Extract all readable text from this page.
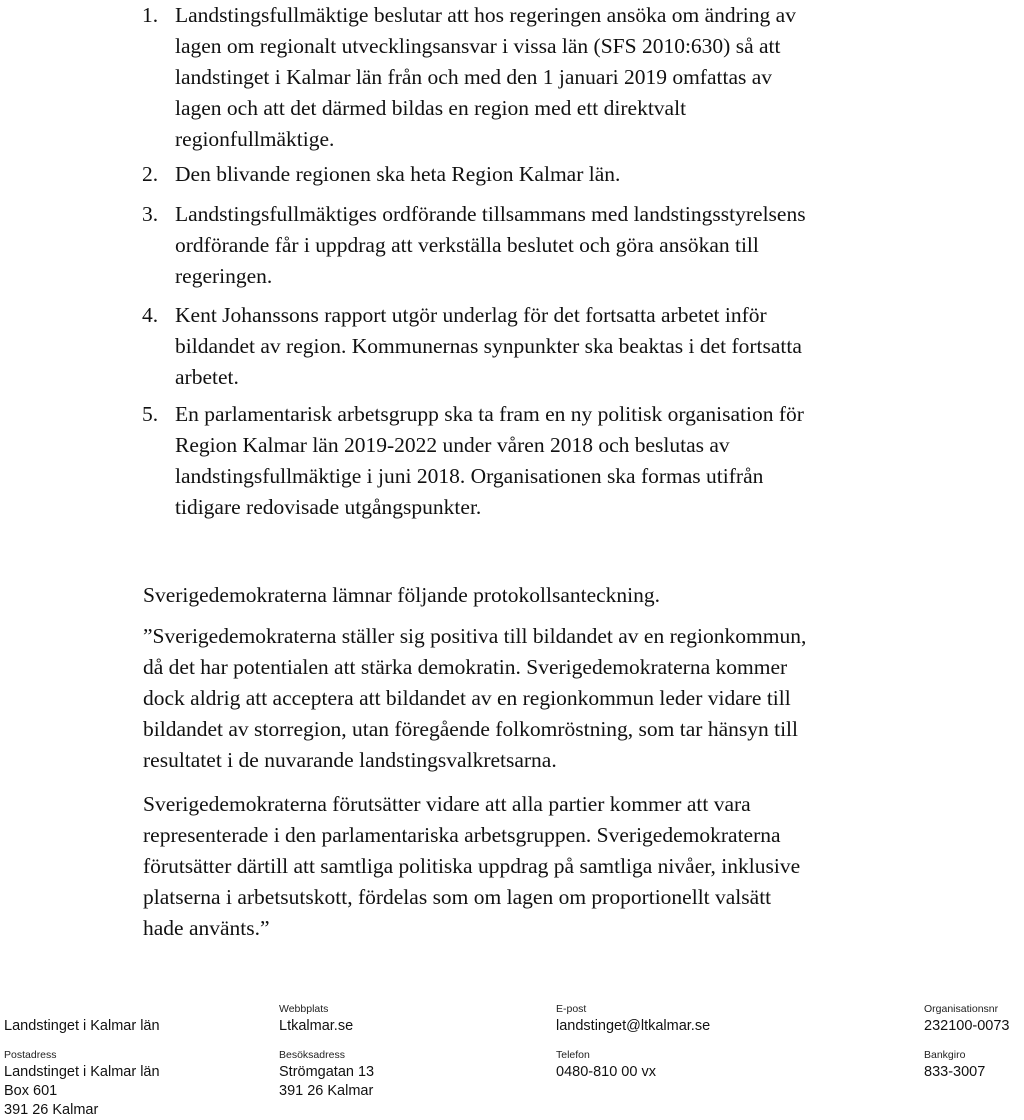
1. Landstingsfullmäktige beslutar att hos regeringen ansöka om ändring av
lagen om regionalt utvecklingsansvar i vissa län (SFS 2010:630) så att
landstinget i Kalmar län från och med den 1 januari 2019 omfattas av
lagen och att det därmed bildas en region med ett direktvalt
regionfullmäktige.
2. Den blivande regionen ska heta Region Kalmar län.
3. Landstingsfullmäktiges ordförande tillsammans med landstingsstyrelsens
ordförande får i uppdrag att verkställa beslutet och göra ansökan till
regeringen.
4. Kent Johanssons rapport utgör underlag för det fortsatta arbetet inför
bildandet av region. Kommunernas synpunkter ska beaktas i det fortsatta
arbetet.
5. En parlamentarisk arbetsgrupp ska ta fram en ny politisk organisation för
Region Kalmar län 2019-2022 under våren 2018 och beslutas av
landstingsfullmäktige i juni 2018. Organisationen ska formas utifrån
tidigare redovisade utgångspunkter.
Sverigedemokraterna lämnar följande protokollsanteckning.
”Sverigedemokraterna ställer sig positiva till bildandet av en regionkommun,
då det har potentialen att stärka demokratin. Sverigedemokraterna kommer
dock aldrig att acceptera att bildandet av en regionkommun leder vidare till
bildandet av storregion, utan föregående folkomröstning, som tar hänsyn till
resultatet i de nuvarande landstingsvalkretsarna.
Sverigedemokraterna förutsätter vidare att alla partier kommer att vara
representerade i den parlamentariska arbetsgruppen. Sverigedemokraterna
förutsätter därtill att samtliga politiska uppdrag på samtliga nivåer, inklusive
platserna i arbetsutskott, fördelas som om lagen om proportionellt valsätt
hade använts.”
Landstinget i Kalmar län
Webbplats
Ltkalmar.se
E-post
landstinget@ltkalmar.se
Organisationsnr
232100-0073
Postadress
Landstinget i Kalmar län
Box 601
391 26 Kalmar
Besöksadress
Strömgatan 13
391 26 Kalmar
Telefon
0480-810 00 vx
Bankgiro
833-3007
